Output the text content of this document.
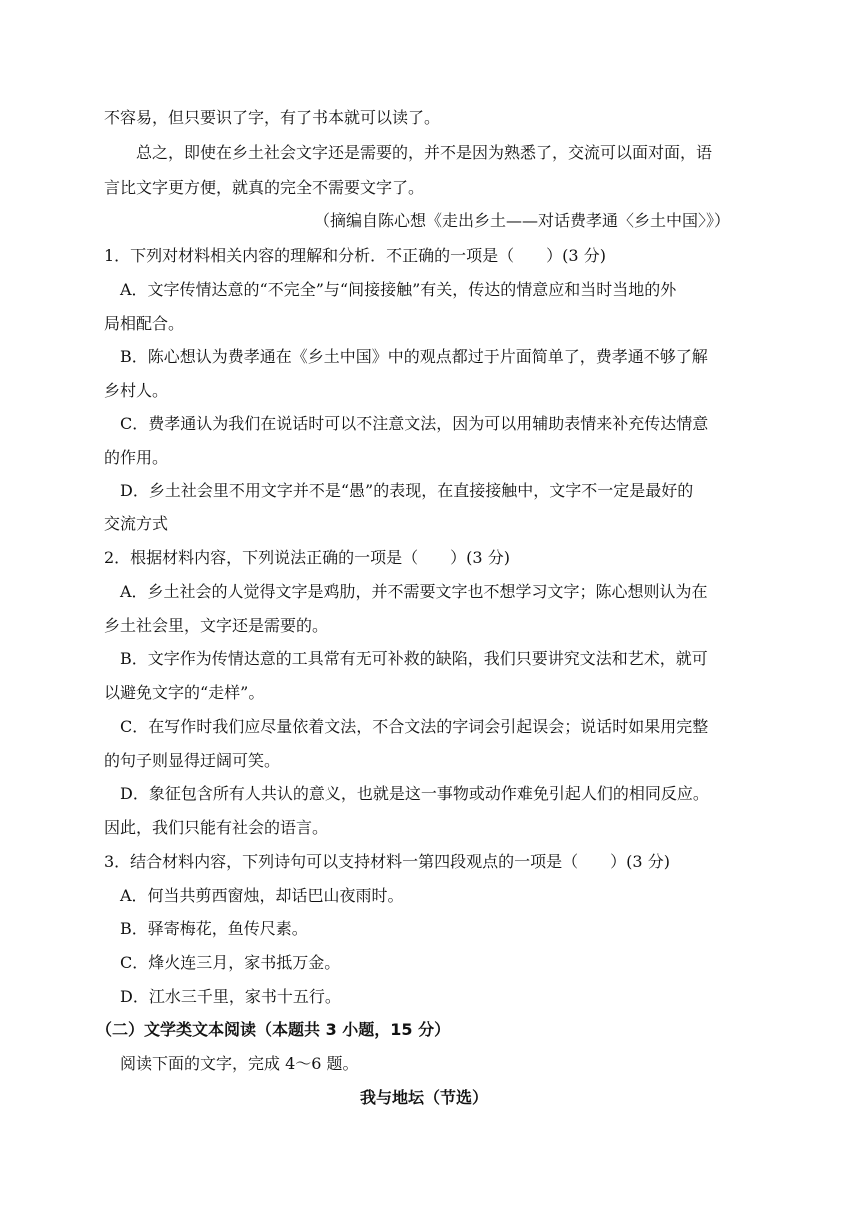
不容易，但只要识了字，有了书本就可以读了。
总之，即使在乡土社会文字还是需要的，并不是因为熟悉了，交流可以面对面，语
言比文字更方便，就真的完全不需要文字了。
（摘编自陈心想《走出乡土——对话费孝通〈乡土中国〉》）
1．下列对材料相关内容的理解和分析．不正确的一项是（　　）(3 分)
A．文字传情达意的“不完全”与“间接接触”有关，传达的情意应和当时当地的外
局相配合。
B．陈心想认为费孝通在《乡土中国》中的观点都过于片面简单了，费孝通不够了解
乡村人。
C．费孝通认为我们在说话时可以不注意文法，因为可以用辅助表情来补充传达情意
的作用。
D．乡土社会里不用文字并不是“愚”的表现，在直接接触中，文字不一定是最好的
交流方式
2．根据材料内容，下列说法正确的一项是（　　）(3 分)
A．乡土社会的人觉得文字是鸡肋，并不需要文字也不想学习文字；陈心想则认为在
乡土社会里，文字还是需要的。
B．文字作为传情达意的工具常有无可补救的缺陷，我们只要讲究文法和艺术，就可
以避免文字的“走样”。
C．在写作时我们应尽量依着文法，不合文法的字词会引起误会；说话时如果用完整
的句子则显得迂阔可笑。
D．象征包含所有人共认的意义，也就是这一事物或动作难免引起人们的相同反应。
因此，我们只能有社会的语言。
3．结合材料内容，下列诗句可以支持材料一第四段观点的一项是（　　）(3 分)
A．何当共剪西窗烛，却话巴山夜雨时。
B．驿寄梅花，鱼传尺素。
C．烽火连三月，家书抵万金。
D．江水三千里，家书十五行。
（二）文学类文本阅读（本题共 3 小题，15 分）
阅读下面的文字，完成 4～6 题。
我与地坛（节选）
